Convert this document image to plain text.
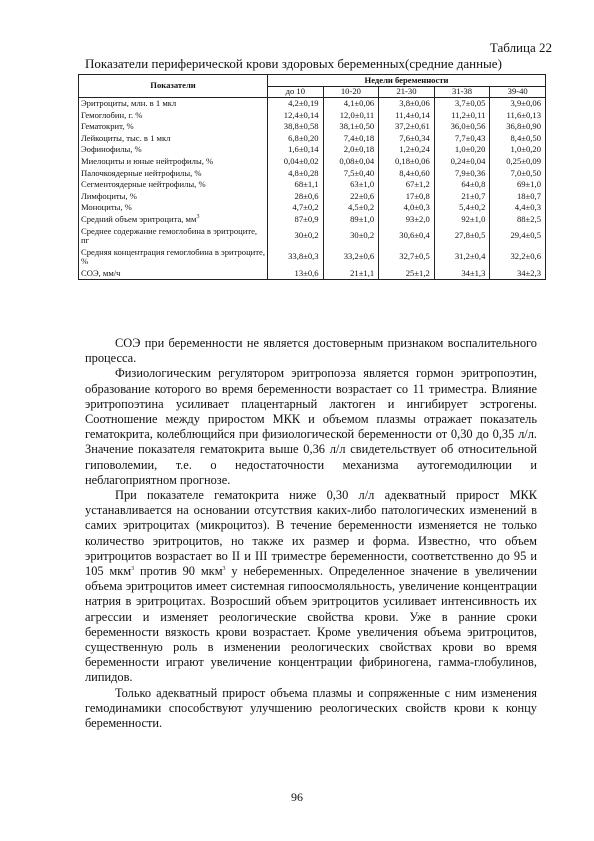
Таблица 22
Показатели периферической крови здоровых беременных(средние данные)
Показатели	Недели беременности				
	до 10	10-20	21-30	31-38	39-40
Эритроциты, млн. в 1 мкл	4,2±0,19	4,1±0,06	3,8±0,06	3,7±0,05	3,9±0,06
Гемоглобин, г. %	12,4±0,14	12,0±0,11	11,4±0,14	11,2±0,11	11,6±0,13
Гематокрит, %	38,8±0,58	38,1±0,50	37,2±0,61	36,0±0,56	36,8±0,90
Лейкоциты, тыс. в 1 мкл	6,8±0,20	7,4±0,18	7,6±0,34	7,7±0,43	8,4±0,50
Эофинофилы, %	1,6±0,14	2,0±0,18	1,2±0,24	1,0±0,20	1,0±0,20
Миелоциты и юные нейтрофилы, %	0,04±0,02	0,08±0,04	0,18±0,06	0,24±0,04	0,25±0,09
Палочкоядерные нейтрофилы, %	4,8±0,28	7,5±0,40	8,4±0,60	7,9±0,36	7,0±0,50
Сегментоядерные нейтрофилы, %	68±1,1	63±1,0	67±1,2	64±0,8	69±1,0
Лимфоциты, %	28±0,6	22±0,6	17±0,8	21±0,7	18±0,7
Моноциты, %	4,7±0,2	4,5±0,2	4,0±0,3	5,4±0,2	4,4±0,3
Средний объем эритроцита, $мм^3$	87±0,9	89±1,0	93±2,0	92±1,0	88±2,5
Среднее содержание гемоглобина в эритроците, пг	30±0,2	30±0,2	30,6±0,4	27,8±0,5	29,4±0,5
Средняя концентрация гемоглобина в эритроците, %	33,8±0,3	33,2±0,6	32,7±0,5	31,2±0,4	32,2±0,6
СОЭ, мм/ч	13±0,6	21±1,1	25±1,2	34±1,3	34±2,3

СОЭ при беременности не является достоверным признаком воспалительного процесса.

Физиологическим регулятором эритропоэза является гормон эритропоэтин, образование которого во время беременности возрастает со 11 триместра. Влияние эритропоэтина усиливает плацентарный лактоген и ингибирует эстрогены. Соотношение между приростом МКК и объемом плазмы отражает показатель гематокрита, колеблющийся при физиологической беременности от 0,30 до 0,35 л/л. Значение показателя гематокрита выше 0,36 л/л свидетельствует об относительной гиповолемии, т.е. о недостаточности механизма аутогемодилюции и неблагоприятном прогнозе.

При показателе гематокрита ниже 0,30 л/л адекватный прирост МКК устанавливается на основании отсутствия каких-либо патологических изменений в самих эритроцитах (микроцитоз). В течение беременности изменяется не только количество эритроцитов, но также их размер и форма. Известно, что объем эритроцитов возрастает во II и III триместре беременности, соответственно до 95 и 105 мкм$^3$ против 90 мкм$^3$ у небеременных. Определенное значение в увеличении объема эритроцитов имеет системная гипоосмоляльность, увеличение концентрации натрия в эритроцитах. Возросший объем эритроцитов усиливает интенсивность их агрессии и изменяет реологические свойства крови. Уже в ранние сроки беременности вязкость крови возрастает. Кроме увеличения объема эритроцитов, существенную роль в изменении реологических свойствах крови во время беременности играют увеличение концентрации фибриногена, гамма-глобулинов, липидов.

Только адекватный прирост объема плазмы и сопряженные с ним изменения гемодинамики способствуют улучшению реологических свойств крови к концу беременности.

96
